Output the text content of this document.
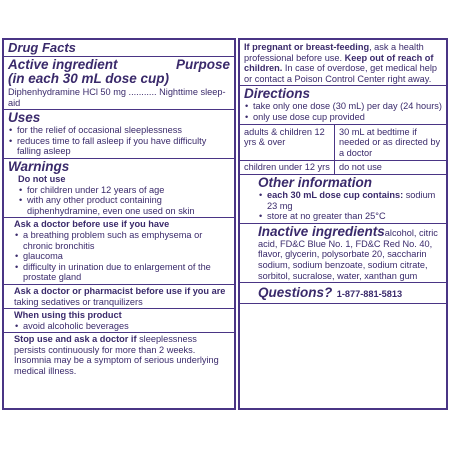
Drug Facts
Active ingredient	Purpose
(in each 30 mL dose cup)
Diphenhydramine HCl 50 mg ........... Nighttime sleep-aid
Uses
• for the relief of occasional sleeplessness
• reduces time to fall asleep if you have difficulty falling asleep
Warnings
Do not use
• for children under 12 years of age
• with any other product containing diphenhydramine, even one used on skin
Ask a doctor before use if you have
• a breathing problem such as emphysema or chronic bronchitis
• glaucoma
• difficulty in urination due to enlargement of the prostate gland
Ask a doctor or pharmacist before use if you are taking sedatives or tranquilizers
When using this product
• avoid alcoholic beverages
Stop use and ask a doctor if sleeplessness persists continuously for more than 2 weeks. Insomnia may be a symptom of serious underlying medical illness.
If pregnant or breast-feeding, ask a health professional before use. Keep out of reach of children. In case of overdose, get medical help or contact a Poison Control Center right away.
Directions
• take only one dose (30 mL) per day (24 hours)
• only use dose cup provided
adults & children 12 yrs & over
30 mL at bedtime if needed or as directed by a doctor
children under 12 yrs	do not use
Other information
• each 30 mL dose cup contains: sodium 23 mg
• store at no greater than 25°C
Inactive ingredientsalcohol, citric acid, FD&C Blue No. 1, FD&C Red No. 40, flavor, glycerin, polysorbate 20, saccharin sodium, sodium benzoate, sodium citrate, sorbitol, sucralose, water, xanthan gum
Questions? 1-877-881-5813
